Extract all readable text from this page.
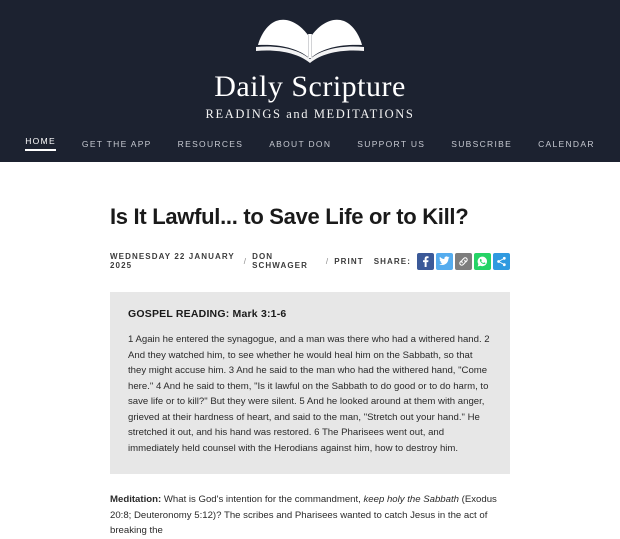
Daily Scripture
READINGS and MEDITATIONS
HOME	GET THE APP	RESOURCES	ABOUT DON	SUPPORT US	SUBSCRIBE	CALENDAR
Is It Lawful... to Save Life or to Kill?
WEDNESDAY 22 JANUARY 2025	/ DON SCHWAGER	/ PRINT SHARE:
GOSPEL READING: Mark 3:1-6

1 Again he entered the synagogue, and a man was there who had a withered hand. 2 And they watched him, to see whether he would heal him on the Sabbath, so that they might accuse him. 3 And he said to the man who had the withered hand, "Come here." 4 And he said to them, "Is it lawful on the Sabbath to do good or to do harm, to save life or to kill?" But they were silent. 5 And he looked around at them with anger, grieved at their hardness of heart, and said to the man, "Stretch out your hand." He stretched it out, and his hand was restored. 6 The Pharisees went out, and immediately held counsel with the Herodians against him, how to destroy him.

Meditation: What is God's intention for the commandment, keep holy the Sabbath (Exodus 20:8; Deuteronomy 5:12)? The scribes and Pharisees wanted to catch Jesus in the act of breaking the
